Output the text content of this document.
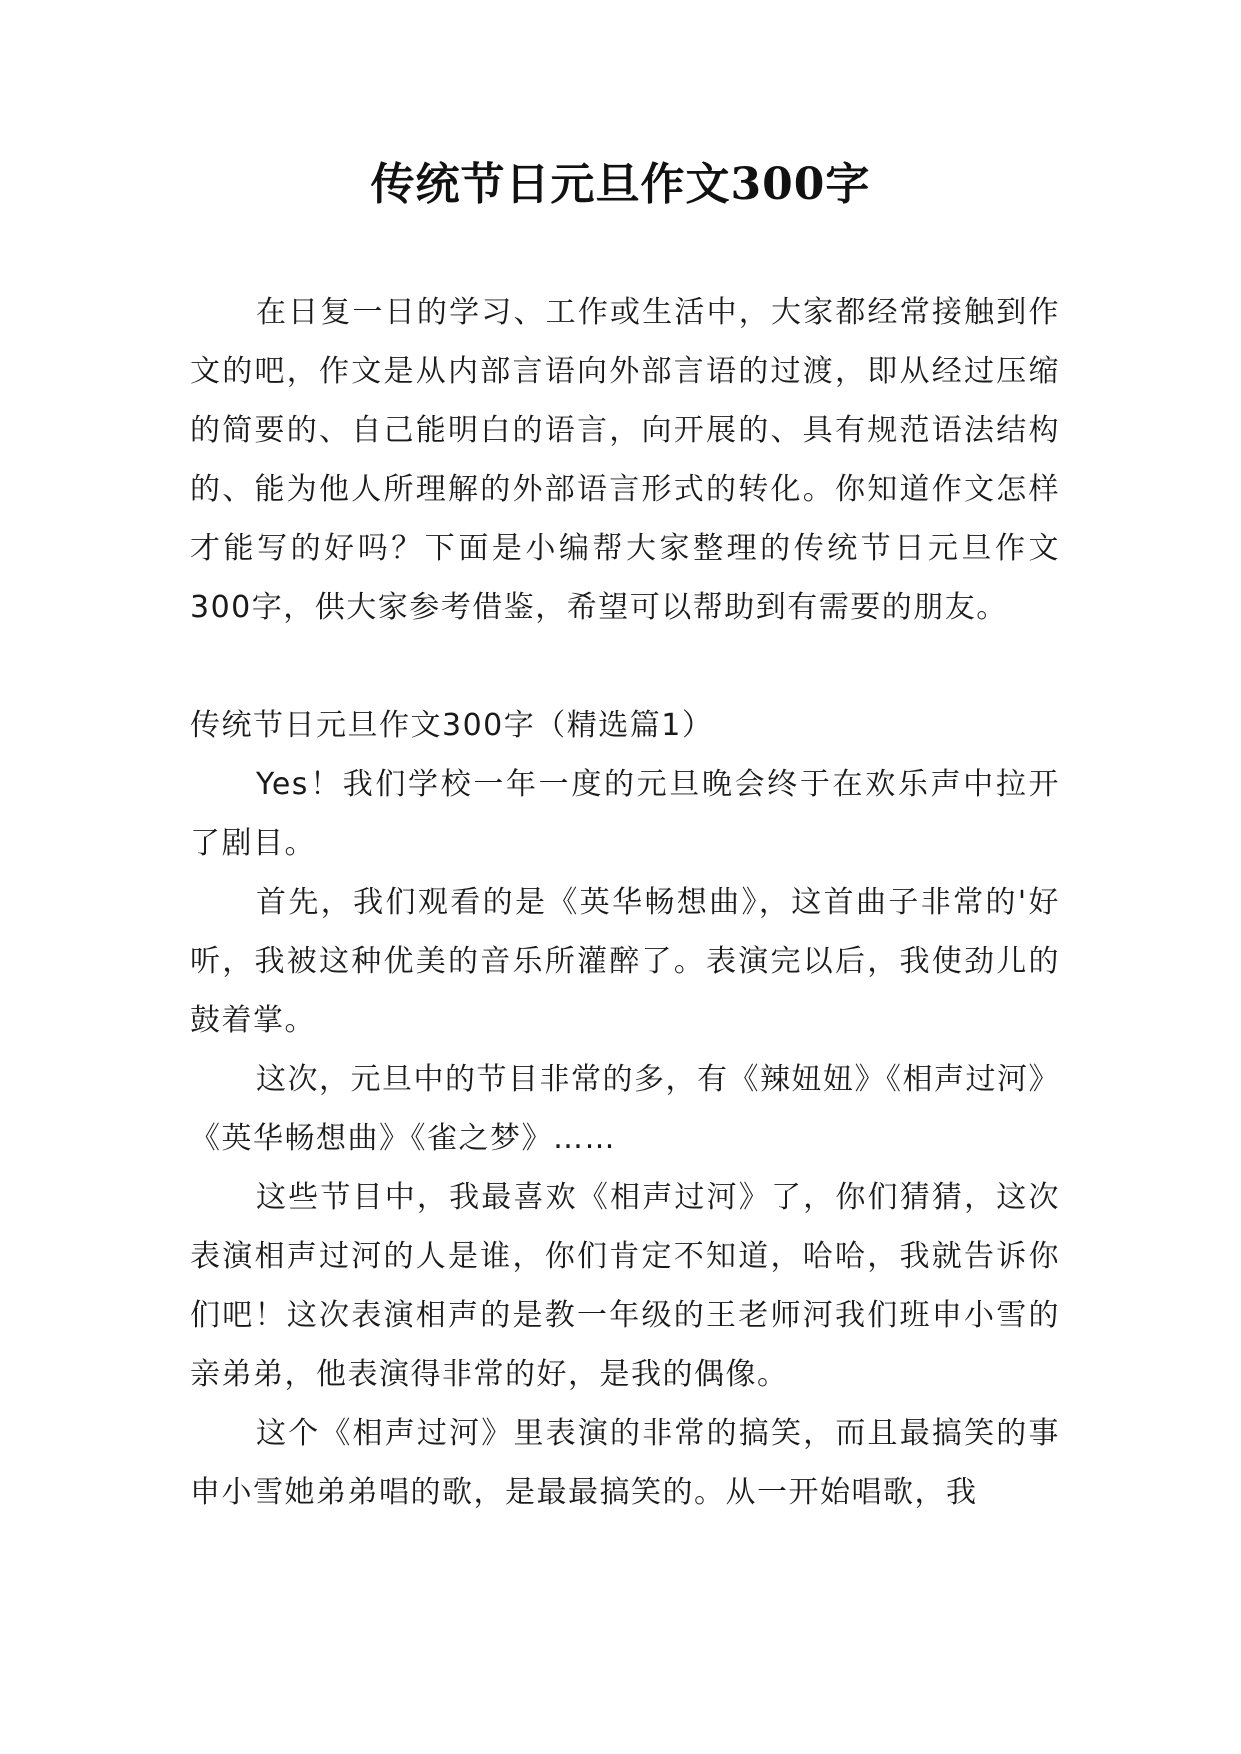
传统节日元旦作文300字

在日复一日的学习、工作或生活中，大家都经常接触到作文的吧，作文是从内部言语向外部言语的过渡，即从经过压缩的简要的、自己能明白的语言，向开展的、具有规范语法结构的、能为他人所理解的外部语言形式的转化。你知道作文怎样才能写的好吗？下面是小编帮大家整理的传统节日元旦作文300字，供大家参考借鉴，希望可以帮助到有需要的朋友。

传统节日元旦作文300字（精选篇1）

Yes！我们学校一年一度的元旦晚会终于在欢乐声中拉开了剧目。

首先，我们观看的是《英华畅想曲》，这首曲子非常的'好听，我被这种优美的音乐所灌醉了。表演完以后，我使劲儿的鼓着掌。

这次，元旦中的节目非常的多，有《辣妞妞》《相声过河》《英华畅想曲》《雀之梦》……

这些节目中，我最喜欢《相声过河》了，你们猜猜，这次表演相声过河的人是谁，你们肯定不知道，哈哈，我就告诉你们吧！这次表演相声的是教一年级的王老师河我们班申小雪的亲弟弟，他表演得非常的好，是我的偶像。

这个《相声过河》里表演的非常的搞笑，而且最搞笑的事申小雪她弟弟唱的歌，是最最搞笑的。从一开始唱歌，我
